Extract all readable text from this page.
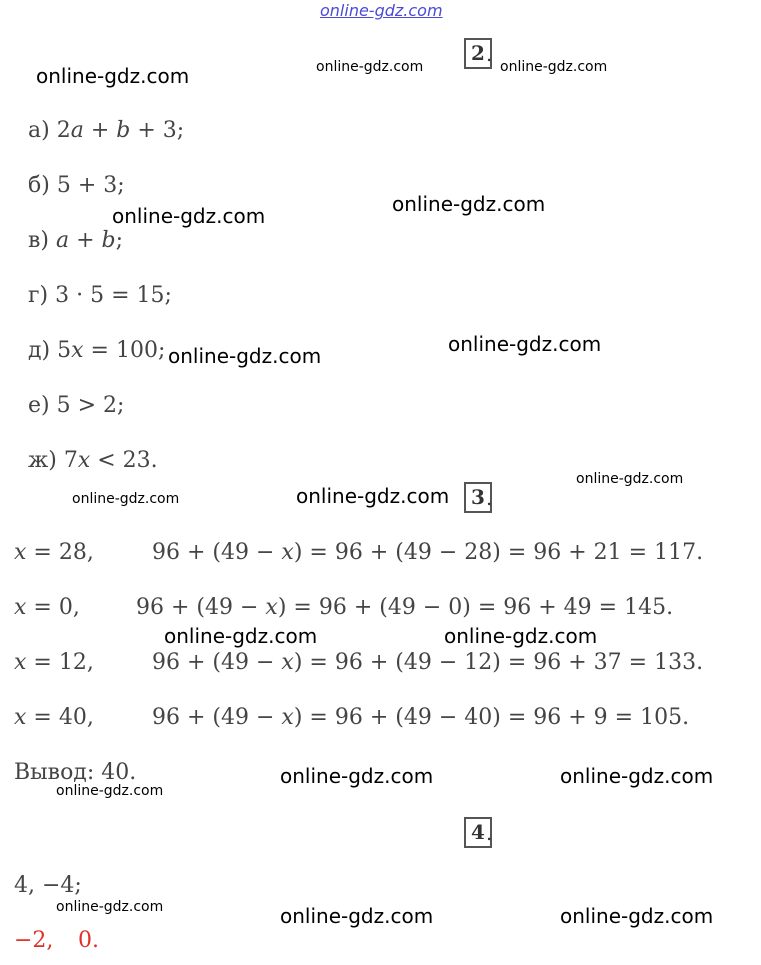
online-gdz.com
2 .

а) 2a + b + 3;

б) 5 + 3;

в) a + b;

г) 3 · 5 = 15;

д) 5x = 100;

е) 5 > 2;

ж) 7x < 23.

3 .
x = 28,	96 + (49 − x) = 96 + (49 − 28) = 96 + 21 = 117.
x = 0,	96 + (49 − x) = 96 + (49 − 0) = 96 + 49 = 145.
x = 12,	96 + (49 − x) = 96 + (49 − 12) = 96 + 37 = 133.
x = 40,	96 + (49 − x) = 96 + (49 − 40) = 96 + 9 = 105.
Вывод: 40.
4 .
4, −4;
−2, 0.
online-gdz.com	online-gdz.com	online-gdz.com
online-gdz.com	online-gdz.com
online-gdz.com	online-gdz.com
online-gdz.com	online-gdz.com
online-gdz.com
online-gdz.com	online-gdz.com
online-gdz.com	online-gdz.com
online-gdz.com
online-gdz.com	online-gdz.com	online-gdz.com
